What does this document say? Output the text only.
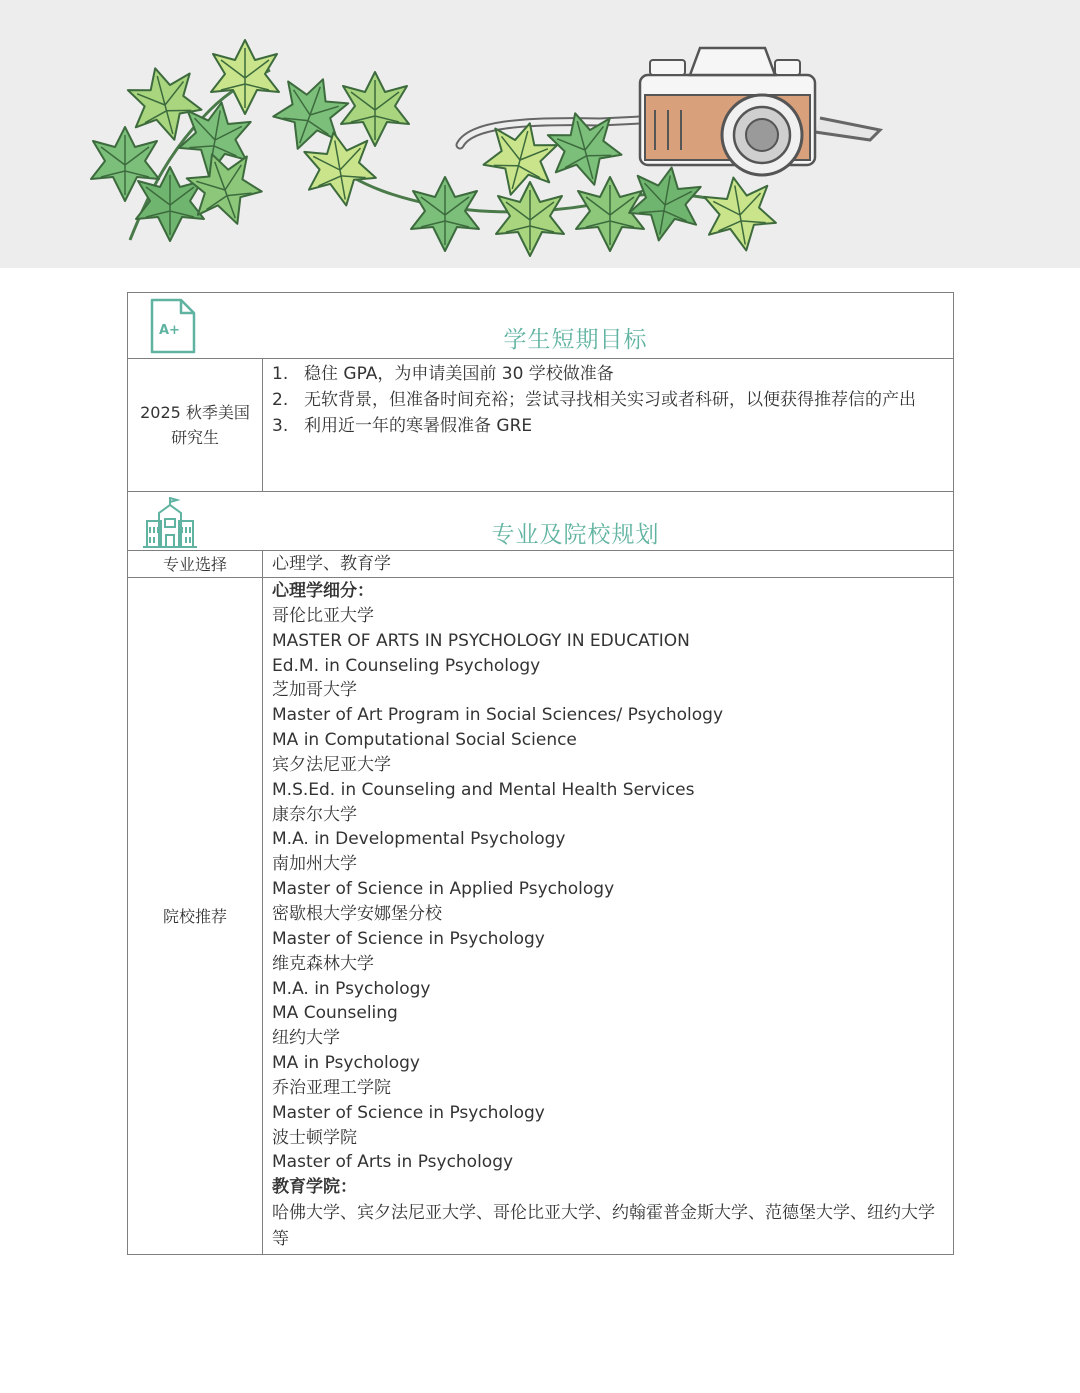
A+	学生短期目标
2025 秋季美国研究生
1. 稳住 GPA，为申请美国前 30 学校做准备
2. 无软背景，但准备时间充裕；尝试寻找相关实习或者科研，以便获得推荐信的产出
3. 利用近一年的寒暑假准备 GRE
专业及院校规划
专业选择	心理学、教育学
院校推荐
心理学细分：
哥伦比亚大学
MASTER OF ARTS IN PSYCHOLOGY IN EDUCATION
Ed.M. in Counseling Psychology
芝加哥大学
Master of Art Program in Social Sciences/ Psychology
MA in Computational Social Science
宾夕法尼亚大学
M.S.Ed. in Counseling and Mental Health Services
康奈尔大学
M.A. in Developmental Psychology
南加州大学
Master of Science in Applied Psychology
密歇根大学安娜堡分校
Master of Science in Psychology
维克森林大学
M.A. in Psychology
MA Counseling
纽约大学
MA in Psychology
乔治亚理工学院
Master of Science in Psychology
波士顿学院
Master of Arts in Psychology
教育学院：
哈佛大学、宾夕法尼亚大学、哥伦比亚大学、约翰霍普金斯大学、范德堡大学、纽约大学等
